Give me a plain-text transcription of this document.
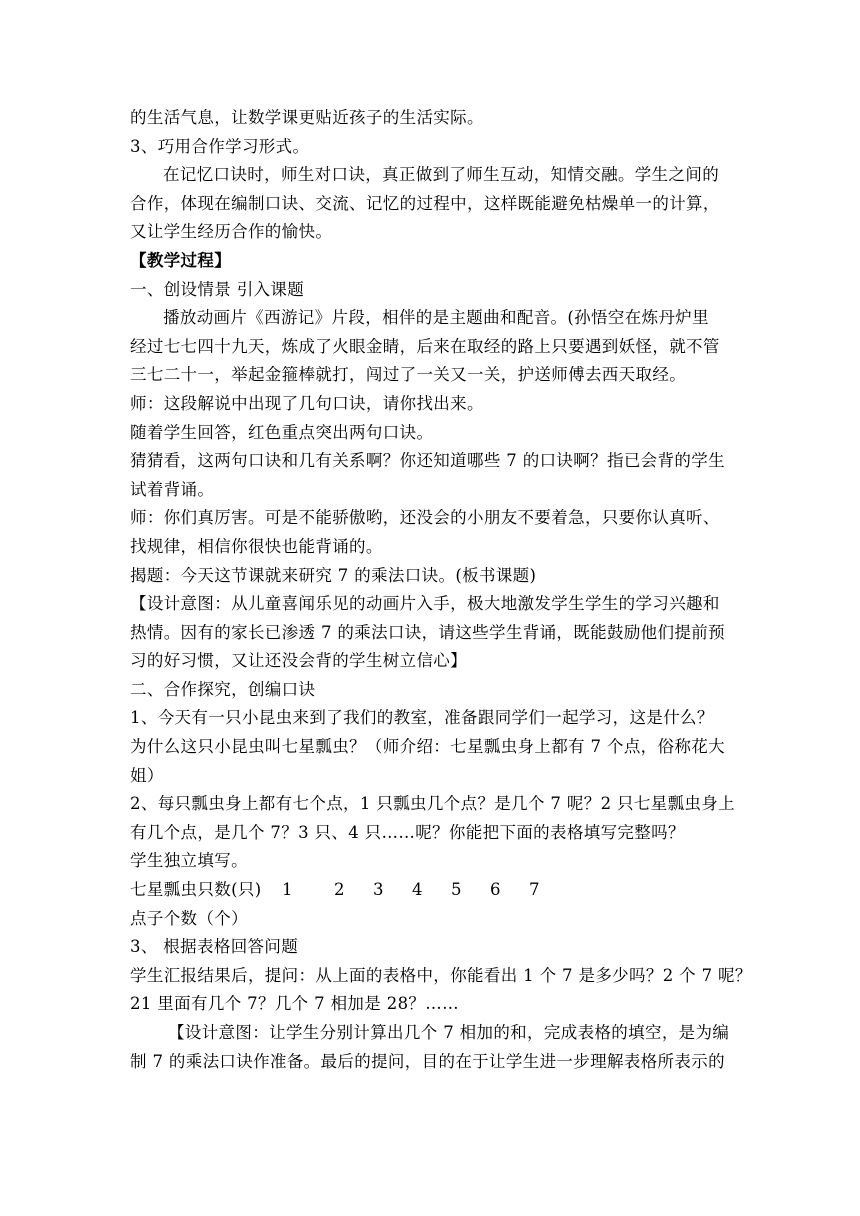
的生活气息，让数学课更贴近孩子的生活实际。
3、巧用合作学习形式。
在记忆口诀时，师生对口诀，真正做到了师生互动，知情交融。学生之间的
合作，体现在编制口诀、交流、记忆的过程中，这样既能避免枯燥单一的计算，
又让学生经历合作的愉快。
【教学过程】
一、创设情景 引入课题
播放动画片《西游记》片段，相伴的是主题曲和配音。(孙悟空在炼丹炉里
经过七七四十九天，炼成了火眼金睛，后来在取经的路上只要遇到妖怪，就不管
三七二十一，举起金箍棒就打，闯过了一关又一关，护送师傅去西天取经。
师：这段解说中出现了几句口诀，请你找出来。
随着学生回答，红色重点突出两句口诀。
猜猜看，这两句口诀和几有关系啊？你还知道哪些 7 的口诀啊？指已会背的学生
试着背诵。
师：你们真厉害。可是不能骄傲哟，还没会的小朋友不要着急，只要你认真听、
找规律，相信你很快也能背诵的。
揭题：今天这节课就来研究 7 的乘法口诀。(板书课题)
【设计意图：从儿童喜闻乐见的动画片入手，极大地激发学生学生的学习兴趣和
热情。因有的家长已渗透 7 的乘法口诀，请这些学生背诵，既能鼓励他们提前预
习的好习惯，又让还没会背的学生树立信心】
二、合作探究，创编口诀
1、今天有一只小昆虫来到了我们的教室，准备跟同学们一起学习，这是什么？
为什么这只小昆虫叫七星瓢虫？（师介绍：七星瓢虫身上都有 7 个点，俗称花大
姐）
2、每只瓢虫身上都有七个点，1 只瓢虫几个点？是几个 7 呢？2 只七星瓢虫身上
有几个点，是几个 7？3 只、4 只……呢？你能把下面的表格填写完整吗？
学生独立填写。
七星瓢虫只数(只) 1 2 3 4 5 6 7
点子个数（个）
3、 根据表格回答问题
学生汇报结果后，提问：从上面的表格中，你能看出 1 个 7 是多少吗？2 个 7 呢？
21 里面有几个 7？几个 7 相加是 28？……
【设计意图：让学生分别计算出几个 7 相加的和，完成表格的填空，是为编
制 7 的乘法口诀作准备。最后的提问，目的在于让学生进一步理解表格所表示的
